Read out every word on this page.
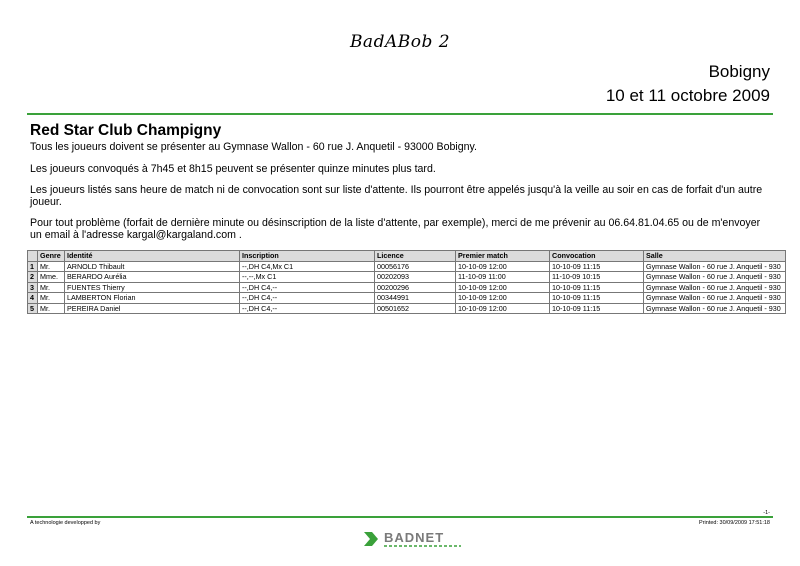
BadABob 2
Bobigny
10 et 11 octobre 2009
Red Star Club Champigny
Tous les joueurs doivent se présenter au Gymnase Wallon - 60 rue J. Anquetil - 93000 Bobigny.
Les joueurs convoqués à 7h45 et 8h15 peuvent se présenter quinze minutes plus tard.
Les joueurs listés sans heure de match ni de convocation sont sur liste d'attente. Ils pourront être appelés jusqu'à la veille au soir en cas de forfait d'un autre joueur.
Pour tout problème (forfait de dernière minute ou désinscription de la liste d'attente, par exemple), merci de me prévenir au 06.64.81.04.65 ou de m'envoyer un email à l'adresse kargal@kargaland.com .
	Genre	Identité	Inscription	Licence	Premier match	Convocation	Salle
1	Mr.	ARNOLD Thibault	--,DH C4,Mx C1	00056176	10-10-09 12:00	10-10-09 11:15	Gymnase Wallon - 60 rue J. Anquetil - 930
2	Mme.	BERARDO Aurélia	--,--,Mx C1	00202093	11-10-09 11:00	11-10-09 10:15	Gymnase Wallon - 60 rue J. Anquetil - 930
3	Mr.	FUENTES Thierry	--,DH C4,--	00200296	10-10-09 12:00	10-10-09 11:15	Gymnase Wallon - 60 rue J. Anquetil - 930
4	Mr.	LAMBERTON Florian	--,DH C4,--	00344991	10-10-09 12:00	10-10-09 11:15	Gymnase Wallon - 60 rue J. Anquetil - 930
5	Mr.	PEREIRA Daniel	--,DH C4,--	00501652	10-10-09 12:00	10-10-09 11:15	Gymnase Wallon - 60 rue J. Anquetil - 930
-1-
A technologie developped by	Printed: 30/09/2009 17:51:18
BADNET
